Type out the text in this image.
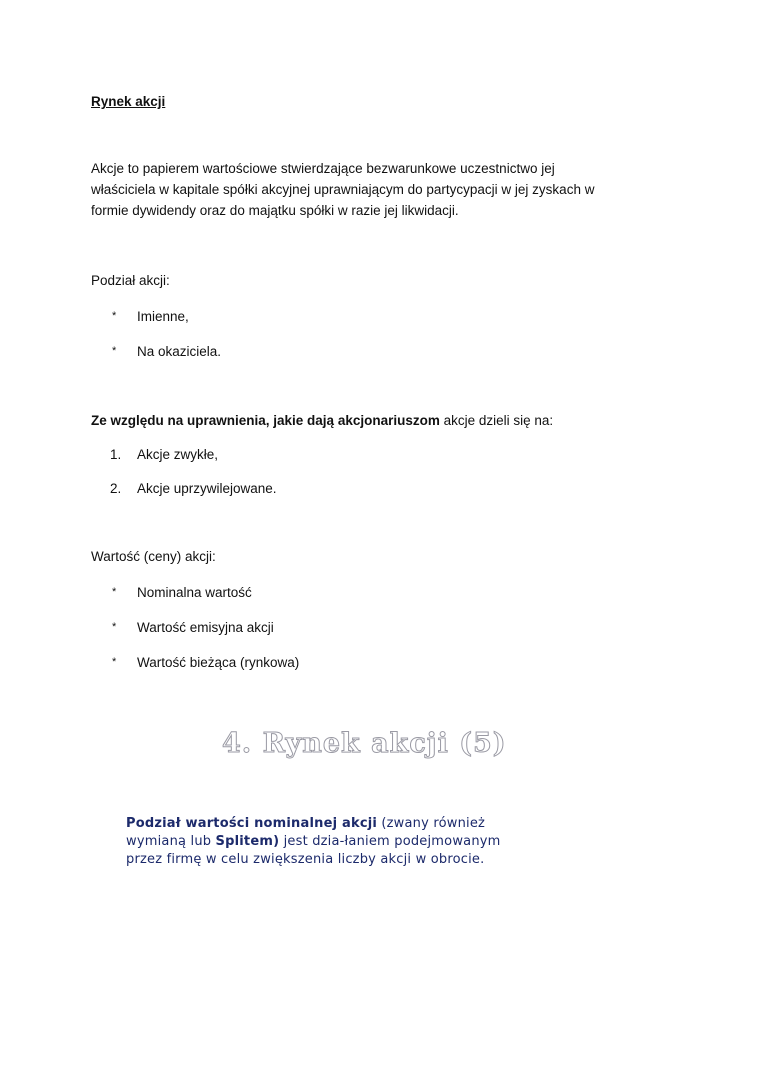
Rynek akcji
Akcje to papierem wartościowe stwierdzające bezwarunkowe uczestnictwo jej
właściciela w kapitale spółki akcyjnej uprawniającym do partycypacji w jej zyskach w
formie dywidendy oraz do majątku spółki w razie jej likwidacji.
Podział akcji:
* Imienne,
* Na okaziciela.
Ze względu na uprawnienia, jakie dają akcjonariuszom akcje dzieli się na:
1. Akcje zwykłe,
2. Akcje uprzywilejowane.
Wartość (ceny) akcji:
* Nominalna wartość
* Wartość emisyjna akcji
* Wartość bieżąca (rynkowa)
4. Rynek akcji (5)
Podział wartości nominalnej akcji (zwany również
wymianą lub Splitem) jest dzia-łaniem podejmowanym
przez firmę w celu zwiększenia liczby akcji w obrocie.
